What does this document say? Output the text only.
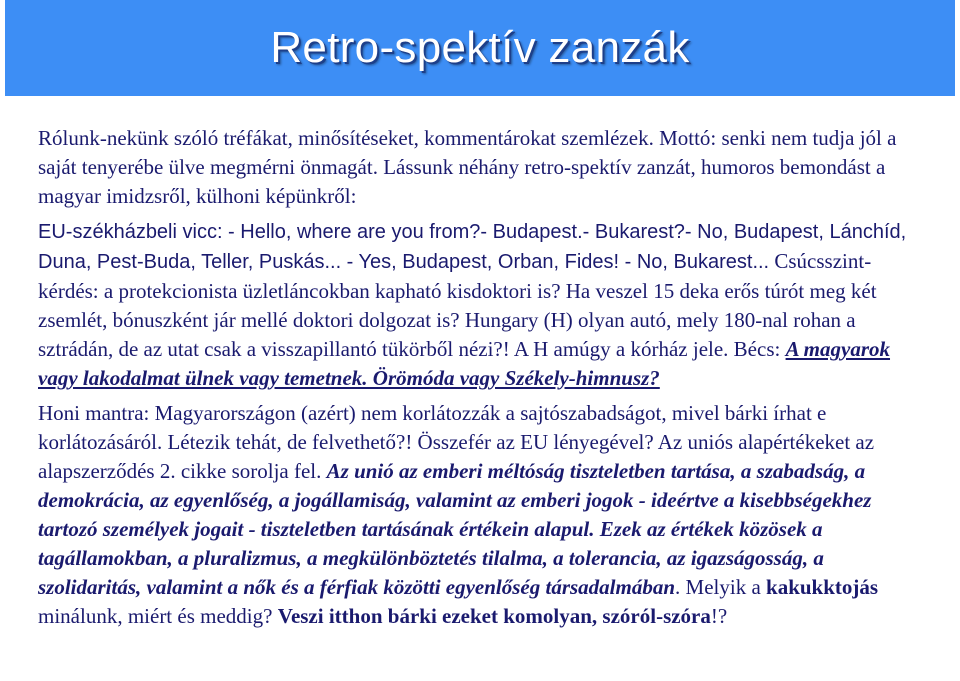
Retro-spektív zanzák

Rólunk-nekünk szóló tréfákat, minősítéseket, kommentárokat szemlézek. Mottó: senki nem tudja jól a saját tenyerébe ülve megmérni önmagát. Lássunk néhány retro-spektív zanzát, humoros bemondást a magyar imidzsről, külhoni képünkről:

EU-székházbeli vicc: - Hello, where are you from?- Budapest.- Bukarest?- No, Budapest, Lánchíd, Duna, Pest-Buda, Teller, Puskás... - Yes, Budapest, Orban, Fides! - No, Bukarest... Csúcsszint-kérdés: a protekcionista üzletláncokban kapható kisdoktori is? Ha veszel 15 deka erős túrót meg két zsemlét, bónuszként jár mellé doktori dolgozat is? Hungary (H) olyan autó, mely 180-nal rohan a sztrádán, de az utat csak a visszapillantó tükörből nézi?! A H amúgy a kórház jele. Bécs: A magyarok vagy lakodalmat ülnek vagy temetnek. Örömóda vagy Székely-himnusz?

Honi mantra: Magyarországon (azért) nem korlátozzák a sajtószabadságot, mivel bárki írhat e korlátozásáról. Létezik tehát, de felvethető?! Összefér az EU lényegével? Az uniós alapértékeket az alapszerződés 2. cikke sorolja fel. Az unió az emberi méltóság tiszteletben tartása, a szabadság, a demokrácia, az egyenlőség, a jogállamiság, valamint az emberi jogok - ideértve a kisebbségekhez tartozó személyek jogait - tiszteletben tartásának értékein alapul. Ezek az értékek közösek a tagállamokban, a pluralizmus, a megkülönböztetés tilalma, a tolerancia, az igazságosság, a szolidaritás, valamint a nők és a férfiak közötti egyenlőség társadalmában. Melyik a kakukktojás minálunk, miért és meddig? Veszi itthon bárki ezeket komolyan, szóról-szóra!?
